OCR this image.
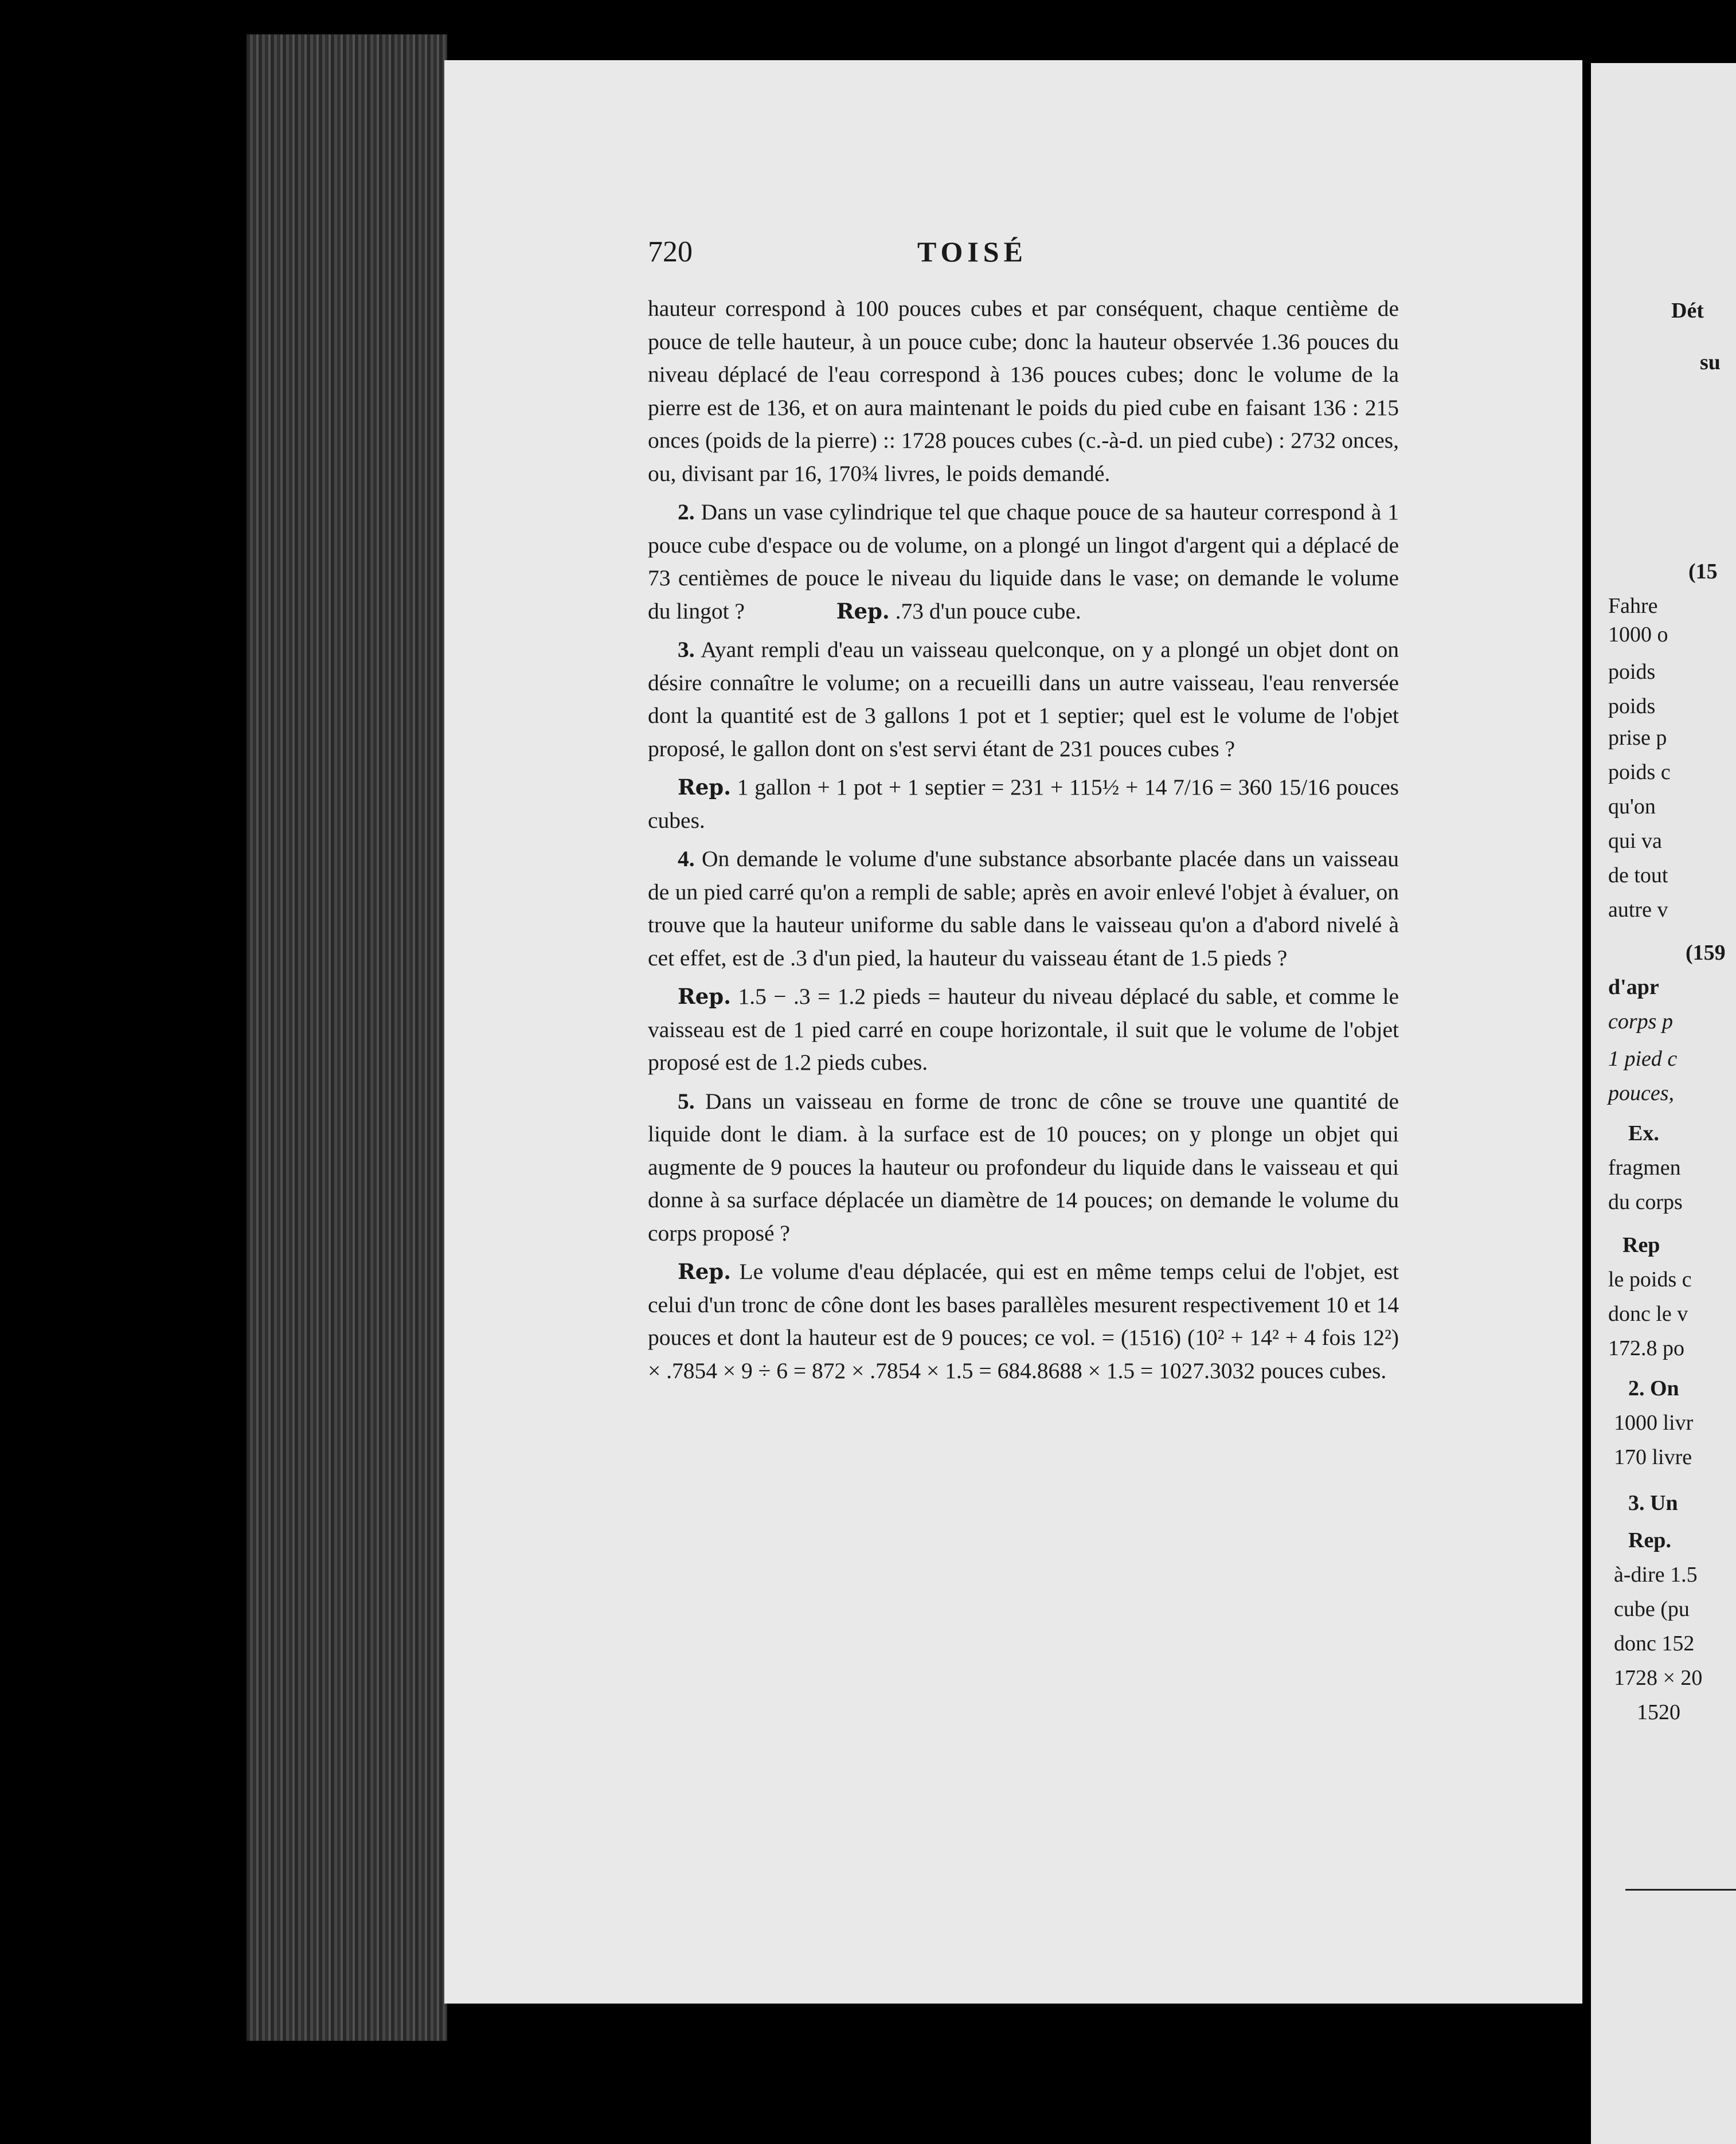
720	TOISÉ

hauteur correspond à 100 pouces cubes et par conséquent, chaque centième de pouce de telle hauteur, à un pouce cube; donc la hauteur observée 1.36 pouces du niveau déplacé de l'eau correspond à 136 pouces cubes; donc le volume de la pierre est de 136, et on aura maintenant le poids du pied cube en faisant 136 : 215 onces (poids de la pierre) :: 1728 pouces cubes (c.-à-d. un pied cube) : 2732 onces, ou, divisant par 16, 170¾ livres, le poids demandé.

2. Dans un vase cylindrique tel que chaque pouce de sa hauteur correspond à 1 pouce cube d'espace ou de volume, on a plongé un lingot d'argent qui a déplacé de 73 centièmes de pouce le niveau du liquide dans le vase; on demande le volume du lingot ?	Rep. .73 d'un pouce cube.

3. Ayant rempli d'eau un vaisseau quelconque, on y a plongé un objet dont on désire connaître le volume; on a recueilli dans un autre vaisseau, l'eau renversée dont la quantité est de 3 gallons 1 pot et 1 septier; quel est le volume de l'objet proposé, le gallon dont on s'est servi étant de 231 pouces cubes ?

Rep. 1 gallon + 1 pot + 1 septier = 231 + 115½ + 14 7/16 = 360 15/16 pouces cubes.

4. On demande le volume d'une substance absorbante placée dans un vaisseau de un pied carré qu'on a rempli de sable; après en avoir enlevé l'objet à évaluer, on trouve que la hauteur uniforme du sable dans le vaisseau qu'on a d'abord nivelé à cet effet, est de .3 d'un pied, la hauteur du vaisseau étant de 1.5 pieds ?

Rep. 1.5 − .3 = 1.2 pieds = hauteur du niveau déplacé du sable, et comme le vaisseau est de 1 pied carré en coupe horizontale, il suit que le volume de l'objet proposé est de 1.2 pieds cubes.

5. Dans un vaisseau en forme de tronc de cône se trouve une quantité de liquide dont le diam. à la surface est de 10 pouces; on y plonge un objet qui augmente de 9 pouces la hauteur ou profondeur du liquide dans le vaisseau et qui donne à sa surface déplacée un diamètre de 14 pouces; on demande le volume du corps proposé ?

Rep. Le volume d'eau déplacée, qui est en même temps celui de l'objet, est celui d'un tronc de cône dont les bases parallèles mesurent respectivement 10 et 14 pouces et dont la hauteur est de 9 pouces; ce vol. = (1516) (10² + 14² + 4 fois 12²) × .7854 × 9 ÷ 6 = 872 × .7854 × 1.5 = 684.8688 × 1.5 = 1027.3032 pouces cubes.

Dét
su
(15
Fahre
1000 o
poids
poids
prise p
poids c
qu'on
qui va
de tout
autre v
(159
d'apr
corps p
1 pied c
pouces,
Ex.
fragmen
du corps
Rep
le poids c
donc le v
172.8 po
2. On
1000 livr
170 livre
3. Un
Rep.
à-dire 1.5
cube (pu
donc 152
1728 × 20
1520
